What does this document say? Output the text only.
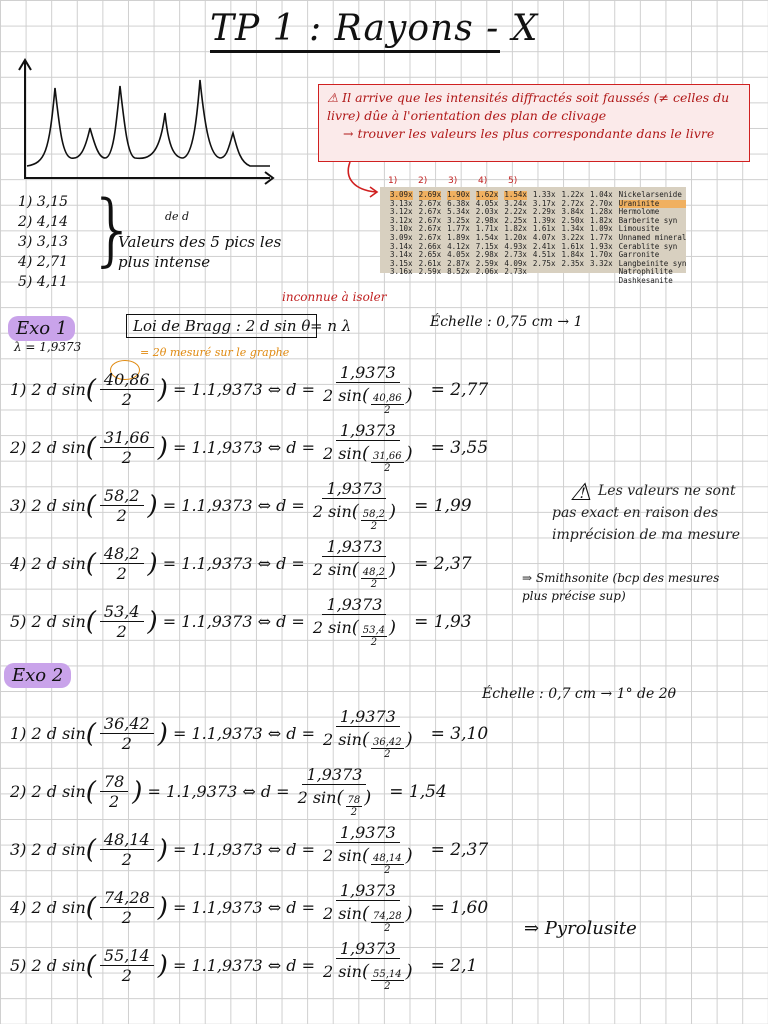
TP 1 : Rayons - X
1) 3,15
2) 4,14
3) 3,13
4) 2,71
5) 4,11
} de d
Valeurs des 5 pics les plus intense
⚠ Il arrive que les intensités diffractés soit faussés (≠ celles du livre) dûe à l'orientation des plan de clivage
→ trouver les valeurs les plus correspondante dans le livre
1) 2) 3) 4) 5)
3.09x
3.13x
3.12x
3.12x
3.10x
3.09x
3.14x
3.14x
3.15x
3.16x
2.69x
2.67x
2.67x
2.67x
2.67x
2.67x
2.66x
2.65x
2.61x
2.59x
1.90x
6.38x
5.34x
3.25x
1.77x
1.89x
4.12x
4.05x
2.87x
8.52x
1.62x
4.05x
2.03x
2.98x
1.71x
1.54x
7.15x
2.98x
2.59x
2.06x
1.54x
3.24x
2.22x
2.25x
1.82x
1.20x
4.93x
2.73x
4.09x
2.73x
1.33x
3.17x
2.29x
1.39x
1.61x
4.07x
2.41x
4.51x
2.75x
1.22x
2.72x
3.84x
2.50x
1.34x
3.22x
1.61x
1.84x
2.35x
1.04x
2.70x
1.28x
1.82x
1.09x
1.77x
1.93x
1.70x
3.32x
Nickelarsenide
Uraninite
Hermolome
Barberite syn
Limousite
Unnamed mineral
Cerablite syn
Garronite
Langbeinite syn
Natrophilite
Dashkesanite
inconnue à isoler
Exo 1
λ = 1,9373
Loi de Bragg : 2 d sin θ = n λ
= 2θ mesuré sur le graphe
Échelle : 0,75 cm → 1
1)
2 d sin ( $\frac{40,86}{2}$ )
= 1.1,9373 ⇔ $d = \frac{1,9373}{2 \sin( \frac{40,86}{2} )} = 2,77$
2)
2 d sin ( $\frac{31,66}{2}$ )
= 1.1,9373 ⇔ $d = \frac{1,9373}{2 \sin( \frac{31,66}{2} )} = 3,55$
3)
2 d sin ( $\frac{58,2}{2}$ )
= 1.1,9373 ⇔ $d = \frac{1,9373}{2 \sin( \frac{58,2}{2} )} = 1,99$
4)
2 d sin ( $\frac{48,2}{2}$ )
= 1.1,9373 ⇔ $d = \frac{1,9373}{2 \sin( \frac{48,2}{2} )} = 2,37$
5)
2 d sin ( $\frac{53,4}{2}$ )
= 1.1,9373 ⇔ $d = \frac{1,9373}{2 \sin( \frac{53,4}{2} )} = 1,93$
⚠ Les valeurs ne sont pas exact en raison des imprécision de ma mesure
⇒ Smithsonite (bcp des mesures plus précise sup)
Exo 2
Échelle : 0,7 cm → 1° de 2θ
1)
2 d sin ( $\frac{36,42}{2}$ )
= 1.1,9373 ⇔ $d = \frac{1,9373}{2 \sin( \frac{36,42}{2} )} = 3,10$
2)
2 d sin ( $\frac{78}{2}$ )
= 1.1,9373 ⇔ $d = \frac{1,9373}{2 \sin( \frac{78}{2} )} = 1,54$
3)
2 d sin ( $\frac{48,14}{2}$ )
= 1.1,9373 ⇔ $d = \frac{1,9373}{2 \sin( \frac{48,14}{2} )} = 2,37$
4)
2 d sin ( $\frac{74,28}{2}$ )
= 1.1,9373 ⇔ $d = \frac{1,9373}{2 \sin( \frac{74,28}{2} )} = 1,60$
5)
2 d sin ( $\frac{55,14}{2}$ )
= 1.1,9373 ⇔ $d = \frac{1,9373}{2 \sin( \frac{55,14}{2} )} = 2,1$
⇒ Pyrolusite
